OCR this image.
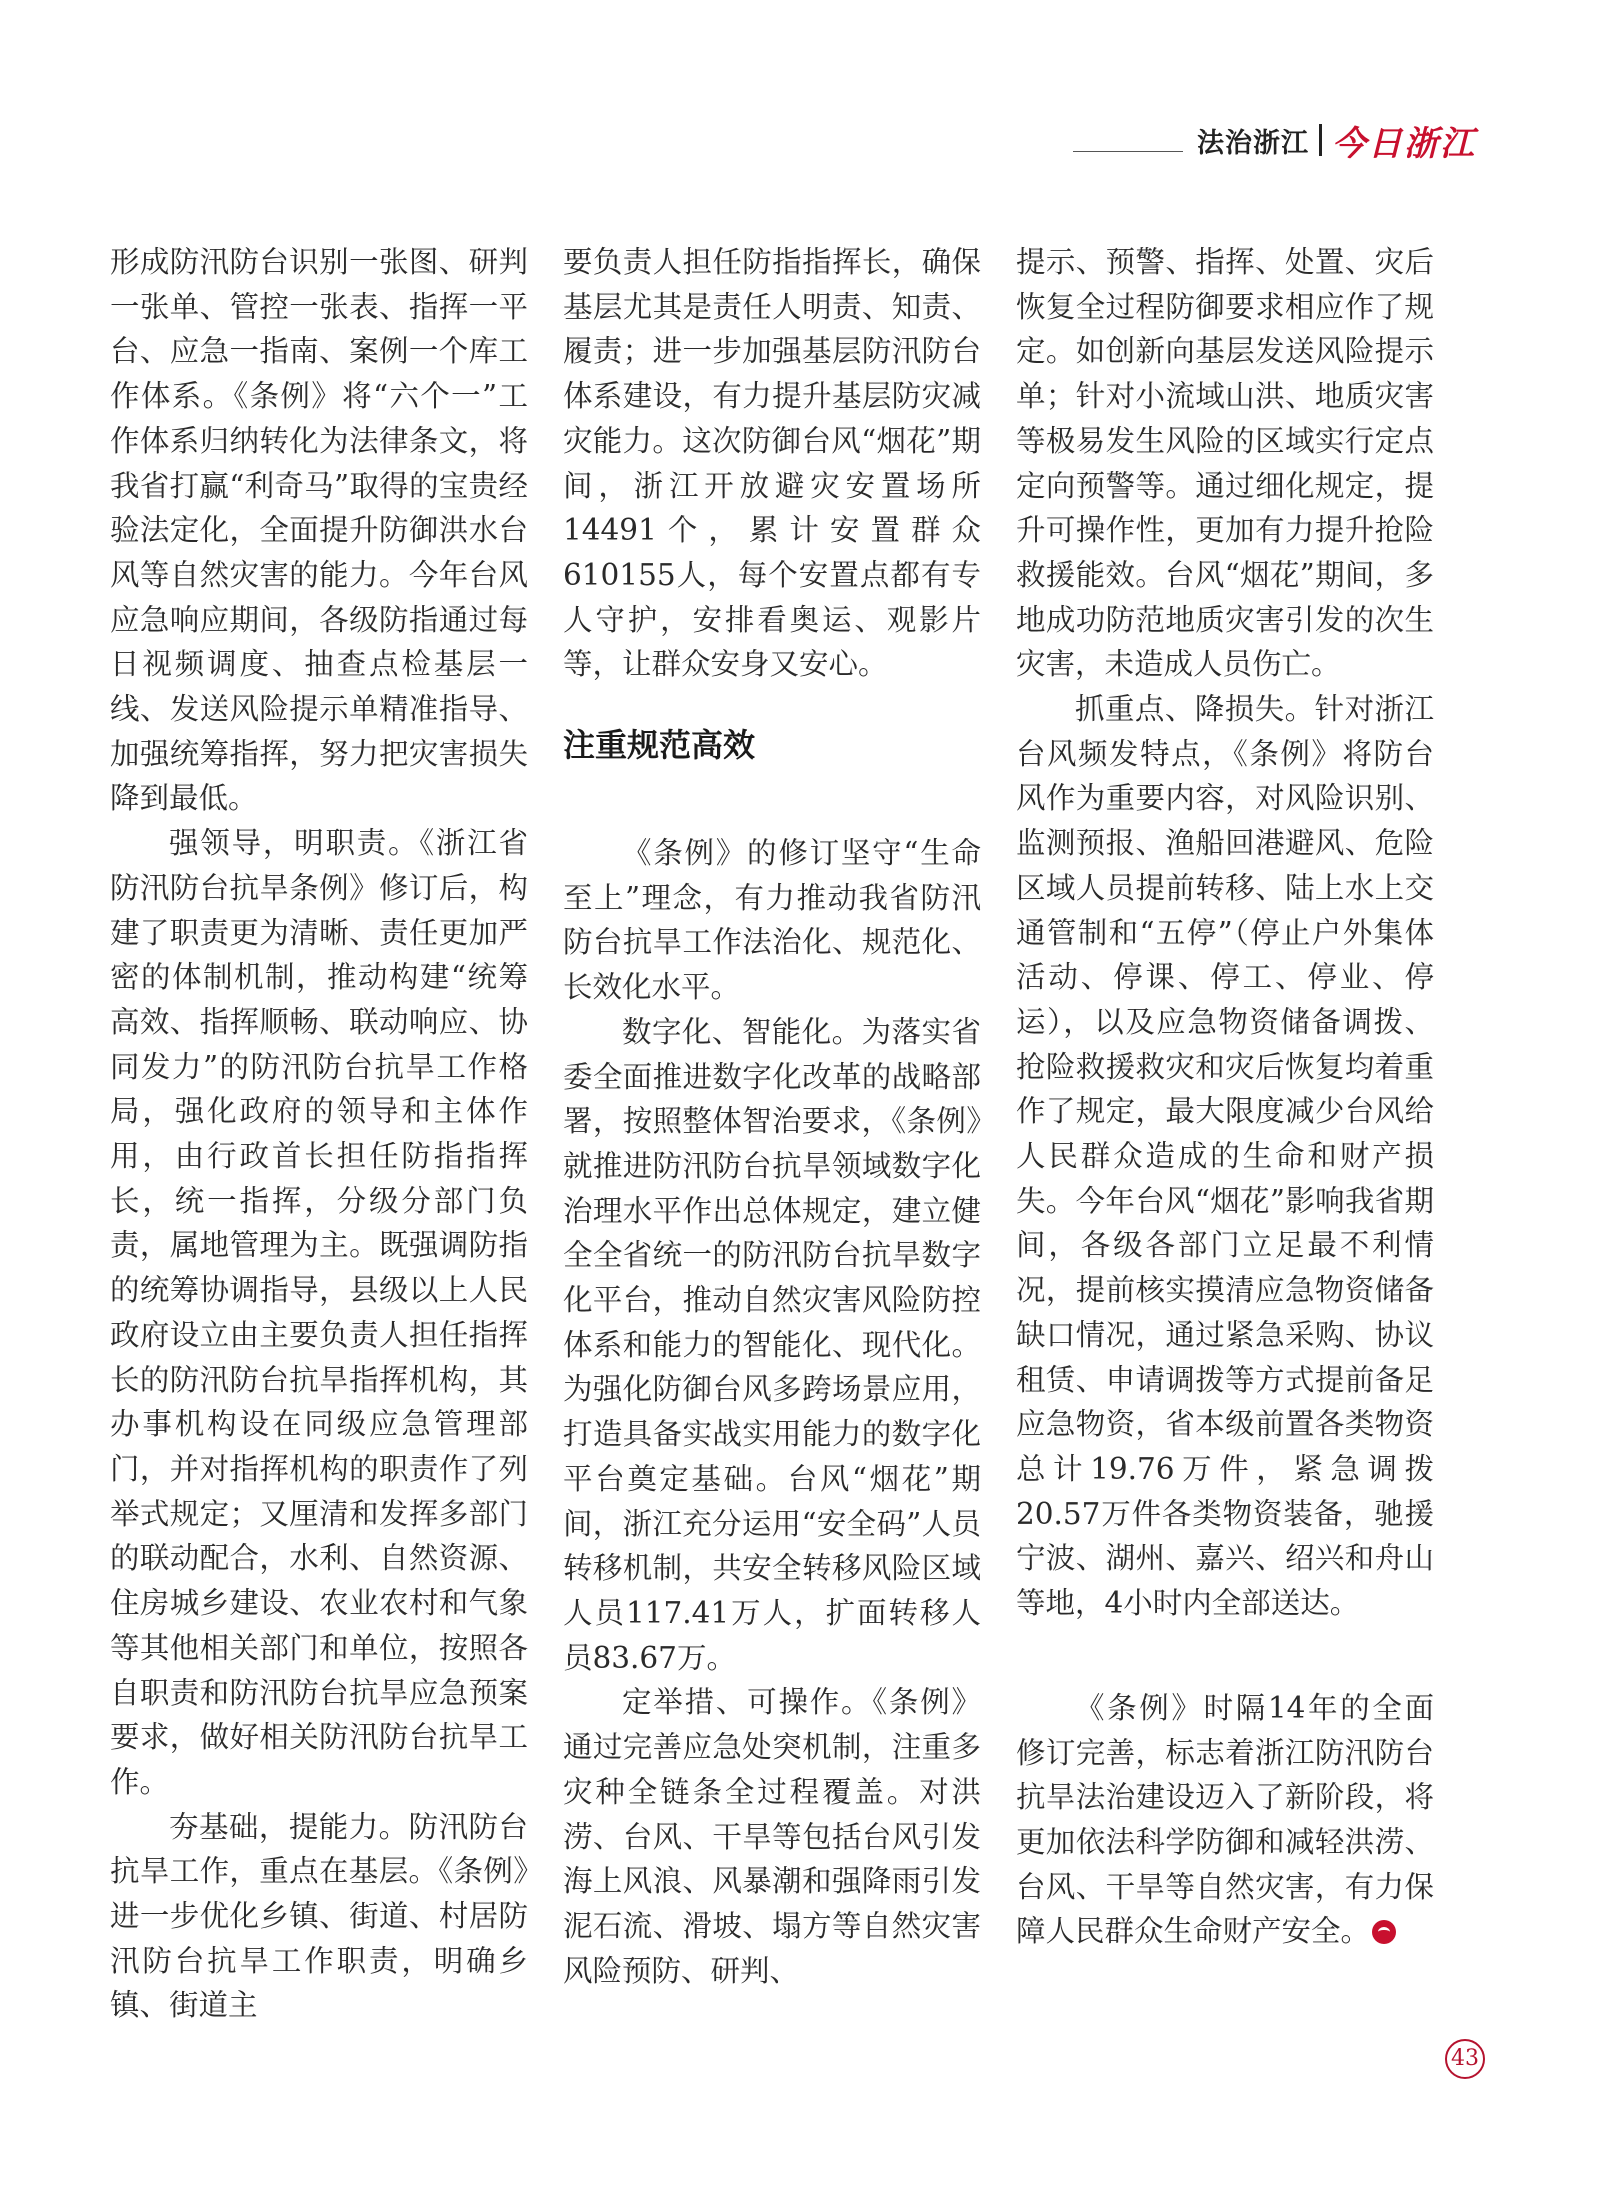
法治浙江 今日浙江

形成防汛防台识别一张图、研判一张单、管控一张表、指挥一平台、应急一指南、案例一个库工作体系。《条例》将“六个一”工作体系归纳转化为法律条文，将我省打赢“利奇马”取得的宝贵经验法定化，全面提升防御洪水台风等自然灾害的能力。今年台风应急响应期间，各级防指通过每日视频调度、抽查点检基层一线、发送风险提示单精准指导、加强统筹指挥，努力把灾害损失降到最低。

强领导，明职责。《浙江省防汛防台抗旱条例》修订后，构建了职责更为清晰、责任更加严密的体制机制，推动构建“统筹高效、指挥顺畅、联动响应、协同发力”的防汛防台抗旱工作格局，强化政府的领导和主体作用，由行政首长担任防指指挥长，统一指挥，分级分部门负责，属地管理为主。既强调防指的统筹协调指导，县级以上人民政府设立由主要负责人担任指挥长的防汛防台抗旱指挥机构，其办事机构设在同级应急管理部门，并对指挥机构的职责作了列举式规定；又厘清和发挥多部门的联动配合，水利、自然资源、住房城乡建设、农业农村和气象等其他相关部门和单位，按照各自职责和防汛防台抗旱应急预案要求，做好相关防汛防台抗旱工作。

夯基础，提能力。防汛防台抗旱工作，重点在基层。《条例》进一步优化乡镇、街道、村居防汛防台抗旱工作职责，明确乡镇、街道主

要负责人担任防指指挥长，确保基层尤其是责任人明责、知责、履责；进一步加强基层防汛防台体系建设，有力提升基层防灾减灾能力。这次防御台风“烟花”期间，浙江开放避灾安置场所14491个，累计安置群众610155人，每个安置点都有专人守护，安排看奥运、观影片等，让群众安身又安心。

注重规范高效

《条例》的修订坚守“生命至上”理念，有力推动我省防汛防台抗旱工作法治化、规范化、长效化水平。

数字化、智能化。为落实省委全面推进数字化改革的战略部署，按照整体智治要求，《条例》就推进防汛防台抗旱领域数字化治理水平作出总体规定，建立健全全省统一的防汛防台抗旱数字化平台，推动自然灾害风险防控体系和能力的智能化、现代化。为强化防御台风多跨场景应用，打造具备实战实用能力的数字化平台奠定基础。台风“烟花”期间，浙江充分运用“安全码”人员转移机制，共安全转移风险区域人员117.41万人，扩面转移人员83.67万。

定举措、可操作。《条例》通过完善应急处突机制，注重多灾种全链条全过程覆盖。对洪涝、台风、干旱等包括台风引发海上风浪、风暴潮和强降雨引发泥石流、滑坡、塌方等自然灾害风险预防、研判、

提示、预警、指挥、处置、灾后恢复全过程防御要求相应作了规定。如创新向基层发送风险提示单；针对小流域山洪、地质灾害等极易发生风险的区域实行定点定向预警等。通过细化规定，提升可操作性，更加有力提升抢险救援能效。台风“烟花”期间，多地成功防范地质灾害引发的次生灾害，未造成人员伤亡。

抓重点、降损失。针对浙江台风频发特点，《条例》将防台风作为重要内容，对风险识别、监测预报、渔船回港避风、危险区域人员提前转移、陆上水上交通管制和“五停”（停止户外集体活动、停课、停工、停业、停运），以及应急物资储备调拨、抢险救援救灾和灾后恢复均着重作了规定，最大限度减少台风给人民群众造成的生命和财产损失。今年台风“烟花”影响我省期间，各级各部门立足最不利情况，提前核实摸清应急物资储备缺口情况，通过紧急采购、协议租赁、申请调拨等方式提前备足应急物资，省本级前置各类物资总计19.76万件，紧急调拨20.57万件各类物资装备，驰援宁波、湖州、嘉兴、绍兴和舟山等地，4小时内全部送达。

《条例》时隔14年的全面修订完善，标志着浙江防汛防台抗旱法治建设迈入了新阶段，将更加依法科学防御和减轻洪涝、台风、干旱等自然灾害，有力保障人民群众生命财产安全。

43
